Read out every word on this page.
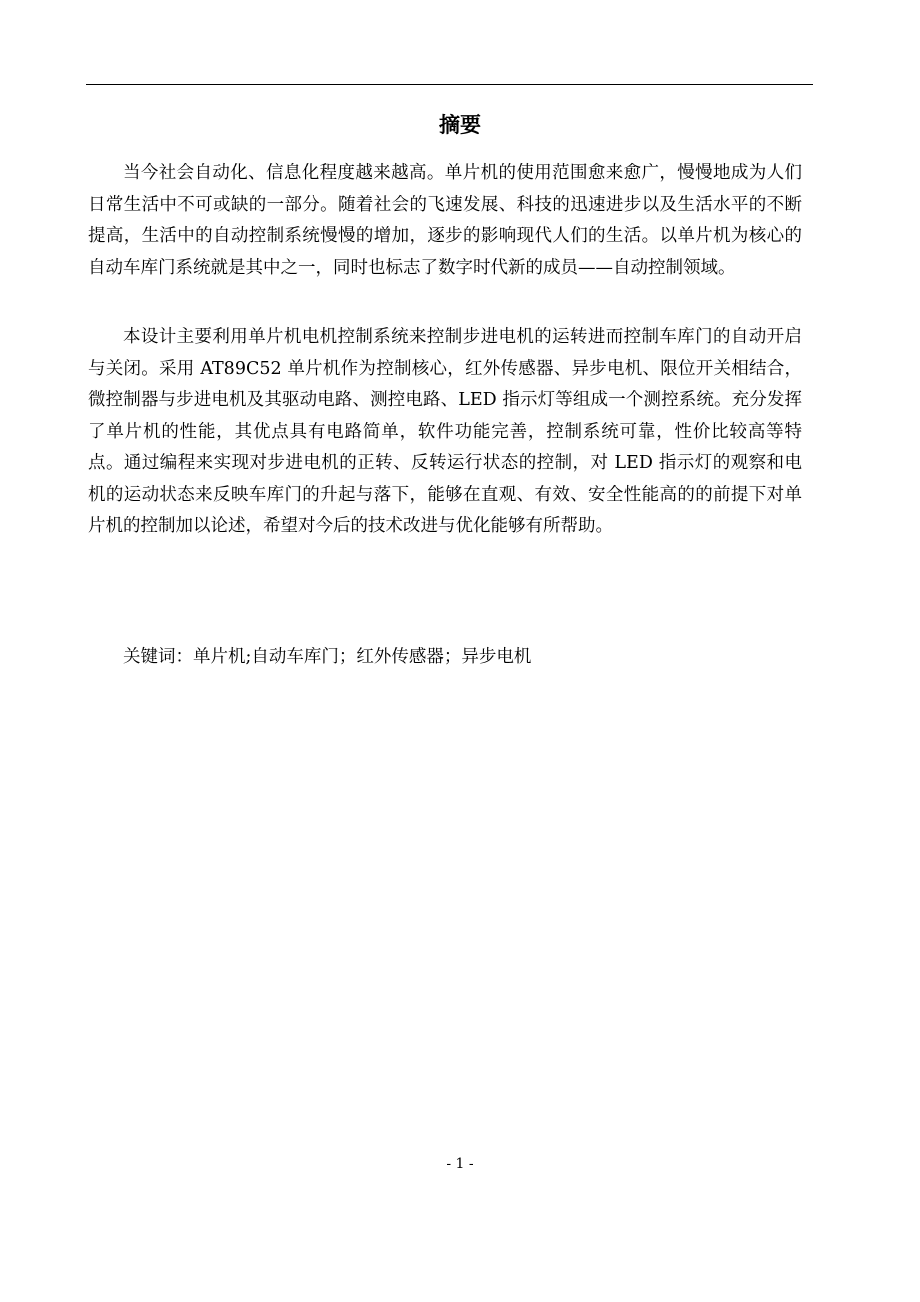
摘要

当今社会自动化、信息化程度越来越高。单片机的使用范围愈来愈广，慢慢地成为人们日常生活中不可或缺的一部分。随着社会的飞速发展、科技的迅速进步以及生活水平的不断提高，生活中的自动控制系统慢慢的增加，逐步的影响现代人们的生活。以单片机为核心的自动车库门系统就是其中之一，同时也标志了数字时代新的成员——自动控制领域。

本设计主要利用单片机电机控制系统来控制步进电机的运转进而控制车库门的自动开启与关闭。采用 AT89C52 单片机作为控制核心，红外传感器、异步电机、限位开关相结合，微控制器与步进电机及其驱动电路、测控电路、LED 指示灯等组成一个测控系统。充分发挥了单片机的性能，其优点具有电路简单，软件功能完善，控制系统可靠，性价比较高等特点。通过编程来实现对步进电机的正转、反转运行状态的控制，对 LED 指示灯的观察和电机的运动状态来反映车库门的升起与落下，能够在直观、有效、安全性能高的的前提下对单片机的控制加以论述，希望对今后的技术改进与优化能够有所帮助。

关键词：单片机;自动车库门；红外传感器；异步电机
- 1 -
